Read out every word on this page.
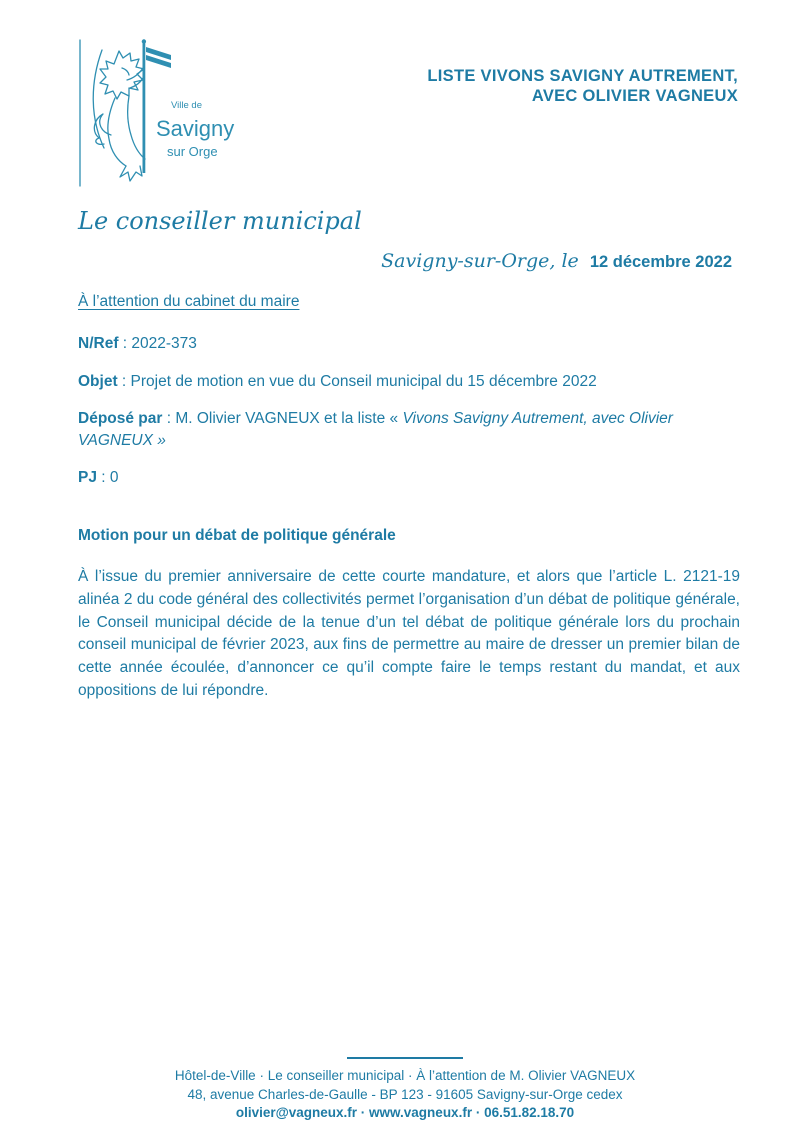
Ville de
Savigny
sur Orge
LISTE VIVONS SAVIGNY AUTREMENT,
AVEC OLIVIER VAGNEUX
Le conseiller municipal
Savigny-sur-Orge, le 12 décembre 2022
À l’attention du cabinet du maire
N/Ref : 2022-373
Objet : Projet de motion en vue du Conseil municipal du 15 décembre 2022
Déposé par : M. Olivier VAGNEUX et la liste « Vivons Savigny Autrement, avec Olivier VAGNEUX »
PJ : 0
Motion pour un débat de politique générale
À l’issue du premier anniversaire de cette courte mandature, et alors que l’article L. 2121-19 alinéa 2 du code général des collectivités permet l’organisation d’un débat de politique générale, le Conseil municipal décide de la tenue d’un tel débat de politique générale lors du prochain conseil municipal de février 2023, aux fins de permettre au maire de dresser un premier bilan de cette année écoulée, d’annoncer ce qu’il compte faire le temps restant du mandat, et aux oppositions de lui répondre.
Hôtel-de-Ville · Le conseiller municipal · À l’attention de M. Olivier VAGNEUX
48, avenue Charles-de-Gaulle - BP 123 - 91605 Savigny-sur-Orge cedex
olivier@vagneux.fr · www.vagneux.fr · 06.51.82.18.70
